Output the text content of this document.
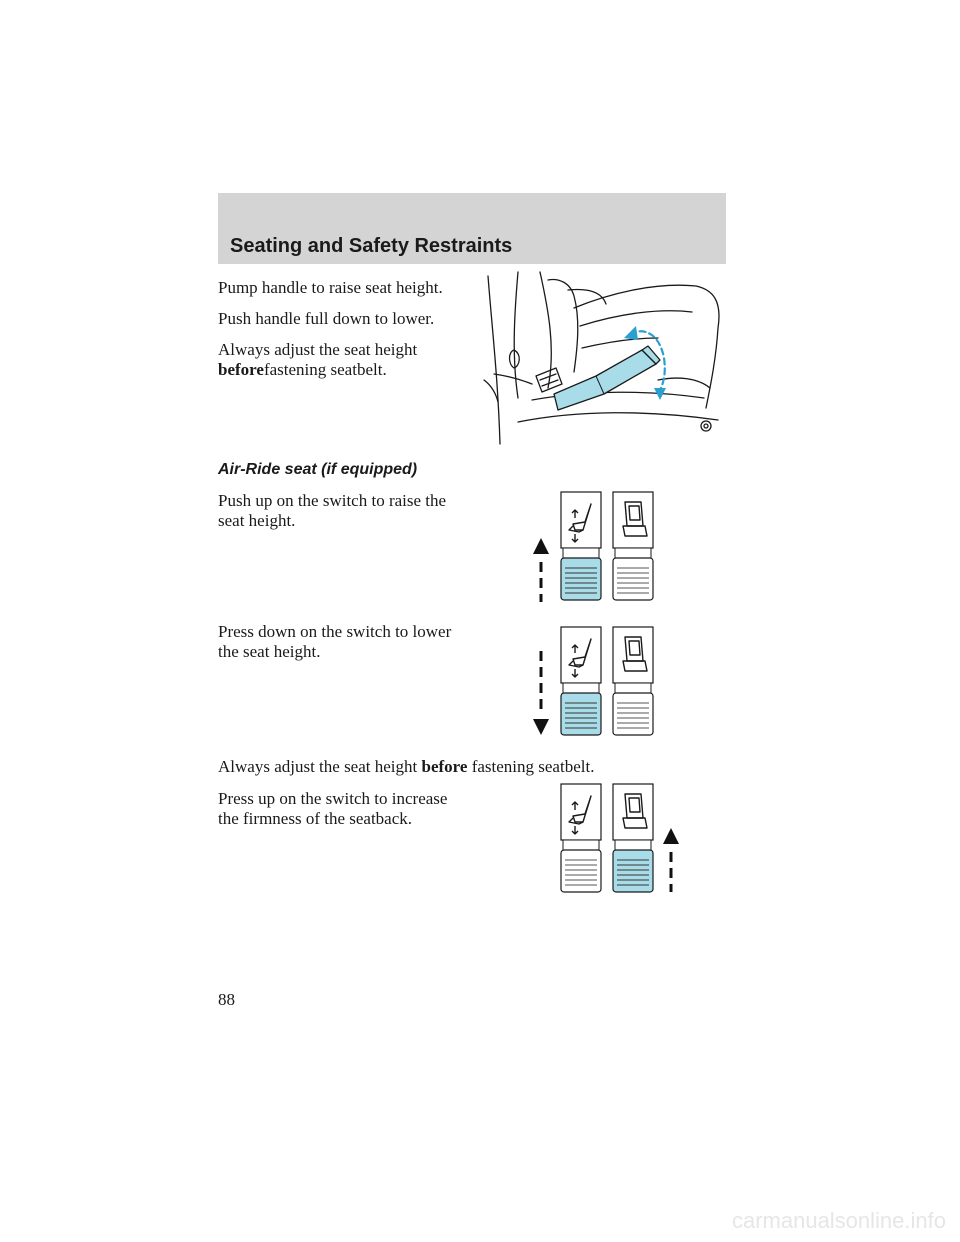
Seating and Safety Restraints

Pump handle to raise seat height.

Push handle full down to lower.

Always adjust the seat height
beforefastening seatbelt.

Air-Ride seat (if equipped)

Push up on the switch to raise the
seat height.

Press down on the switch to lower
the seat height.

Always adjust the seat height before fastening seatbelt.

Press up on the switch to increase
the firmness of the seatback.

88
carmanualsonline.info
